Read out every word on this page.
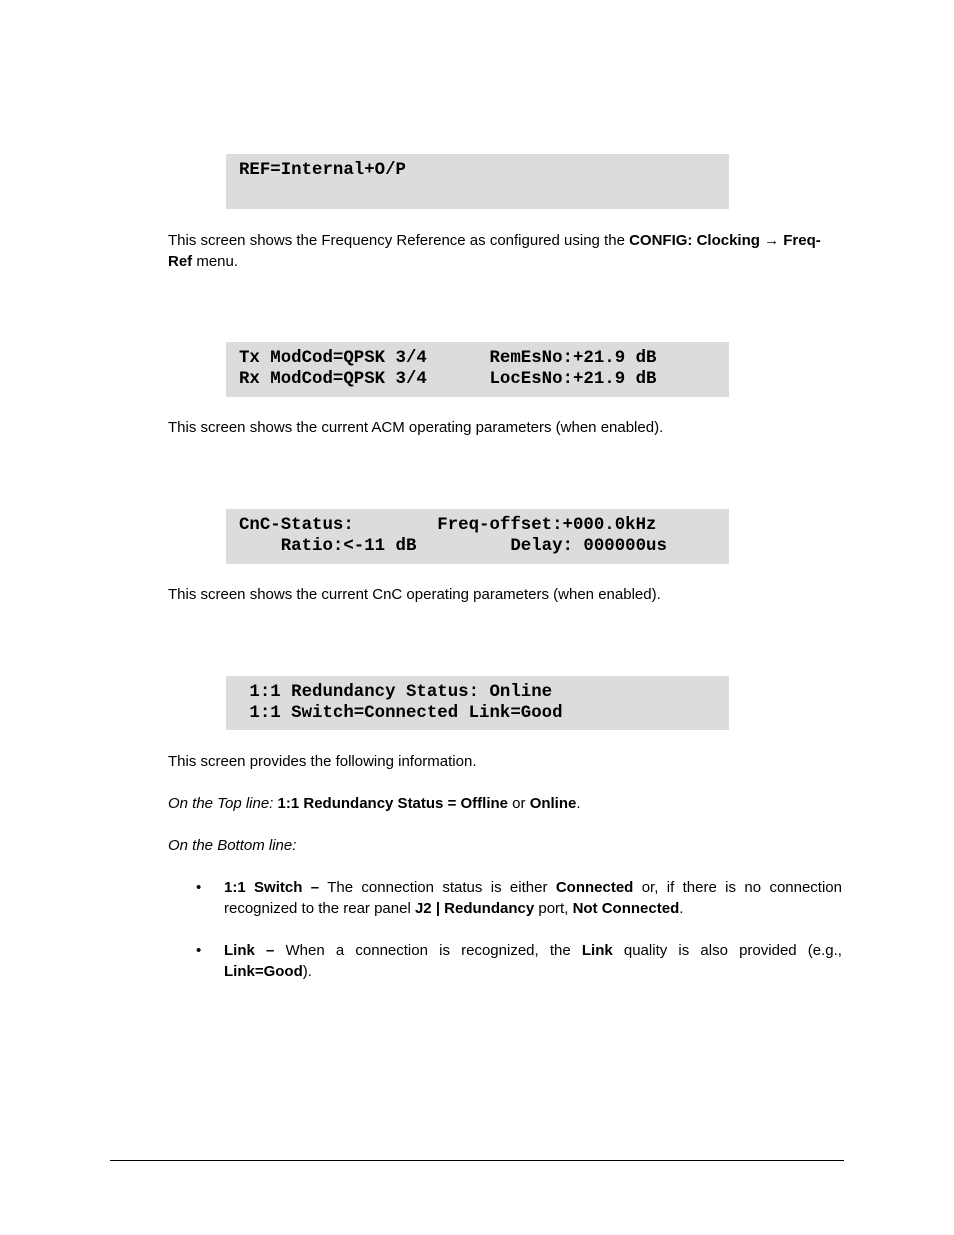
REF=Internal+O/P
This screen shows the Frequency Reference as configured using the CONFIG: Clocking → Freq-Ref menu.
Tx ModCod=QPSK 3/4      RemEsNo:+21.9 dB
Rx ModCod=QPSK 3/4      LocEsNo:+21.9 dB
This screen shows the current ACM operating parameters (when enabled).
CnC-Status:        Freq-offset:+000.0kHz
Ratio:<-11 dB         Delay: 000000us
This screen shows the current CnC operating parameters (when enabled).
1:1 Redundancy Status: Online
1:1 Switch=Connected Link=Good
This screen provides the following information.
On the Top line: 1:1 Redundancy Status = Offline or Online.
On the Bottom line:
• 1:1 Switch – The connection status is either Connected or, if there is no connection recognized to the rear panel J2 | Redundancy port, Not Connected.
• Link – When a connection is recognized, the Link quality is also provided (e.g., Link=Good).
